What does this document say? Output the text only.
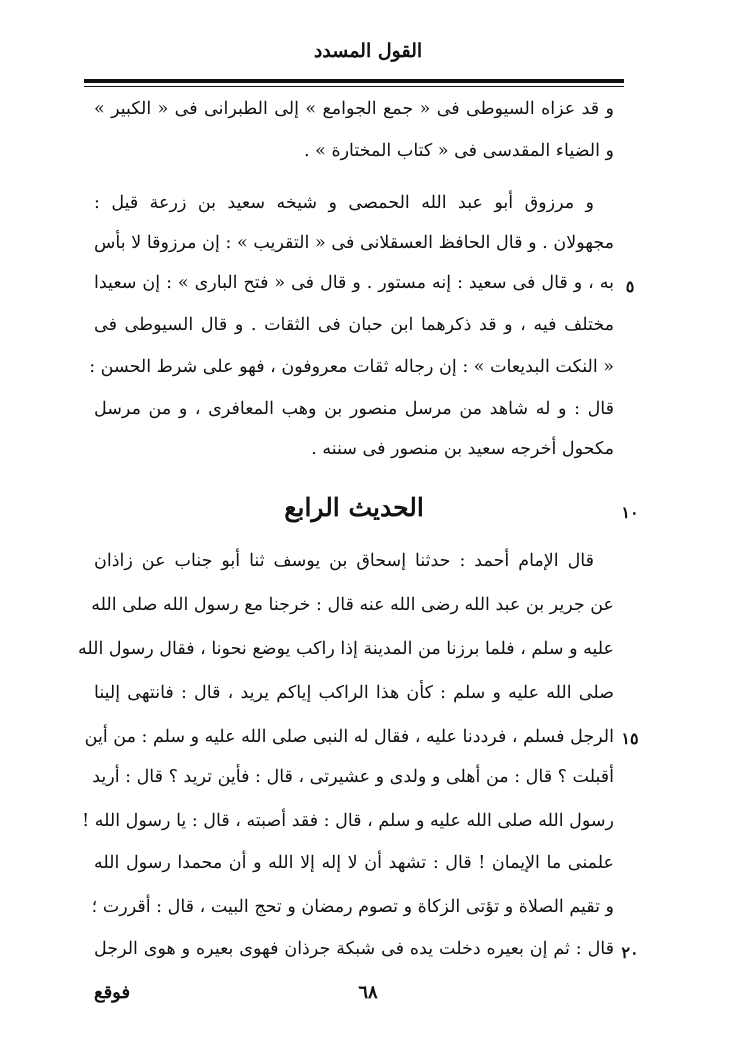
القول المسدد
و قد عزاه السيوطى فى « جمع الجوامع » إلى الطبرانى فى « الكبير »
و الضياء المقدسى فى « كتاب المختارة » .
و مرزوق أبو عبد الله الحمصى و شيخه سعيد بن زرعة قيل :
مجهولان . و قال الحافظ العسقلانى فى « التقريب » : إن مرزوقا لا بأس
به ، و قال فى سعيد : إنه مستور . و قال فى « فتح البارى » : إن سعيدا ٥
مختلف فيه ، و قد ذكرهما ابن حبان فى الثقات . و قال السيوطى فى
« النكت البديعات » : إن رجاله ثقات معروفون ، فهو على شرط الحسن :
قال : و له شاهد من مرسل منصور بن وهب المعافرى ، و من مرسل
مكحول أخرجه سعيد بن منصور فى سننه .
الحديث الرابع	١٠
قال الإمام أحمد : حدثنا إسحاق بن يوسف ثنا أبو جناب عن زاذان
عن جرير بن عبد الله رضى الله عنه قال : خرجنا مع رسول الله صلى الله
عليه و سلم ، فلما برزنا من المدينة إذا راكب يوضع نحونا ، فقال رسول الله
صلى الله عليه و سلم : كأن هذا الراكب إياكم يريد ، قال : فانتهى إلينا
الرجل فسلم ، فرددنا عليه ، فقال له النبى صلى الله عليه و سلم : من أين ١٥
أقبلت ؟ قال : من أهلى و ولدى و عشيرتى ، قال : فأين تريد ؟ قال : أريد
رسول الله صلى الله عليه و سلم ، قال : فقد أصبته ، قال : يا رسول الله !
علمنى ما الإيمان ! قال : تشهد أن لا إله إلا الله و أن محمدا رسول الله
و تقيم الصلاة و تؤتى الزكاة و تصوم رمضان و تحج البيت ، قال : أقررت ؛
قال : ثم إن بعيره دخلت يده فى شبكة جرذان فهوى بعيره و هوى الرجل ٢٠
٦٨
فوقع
